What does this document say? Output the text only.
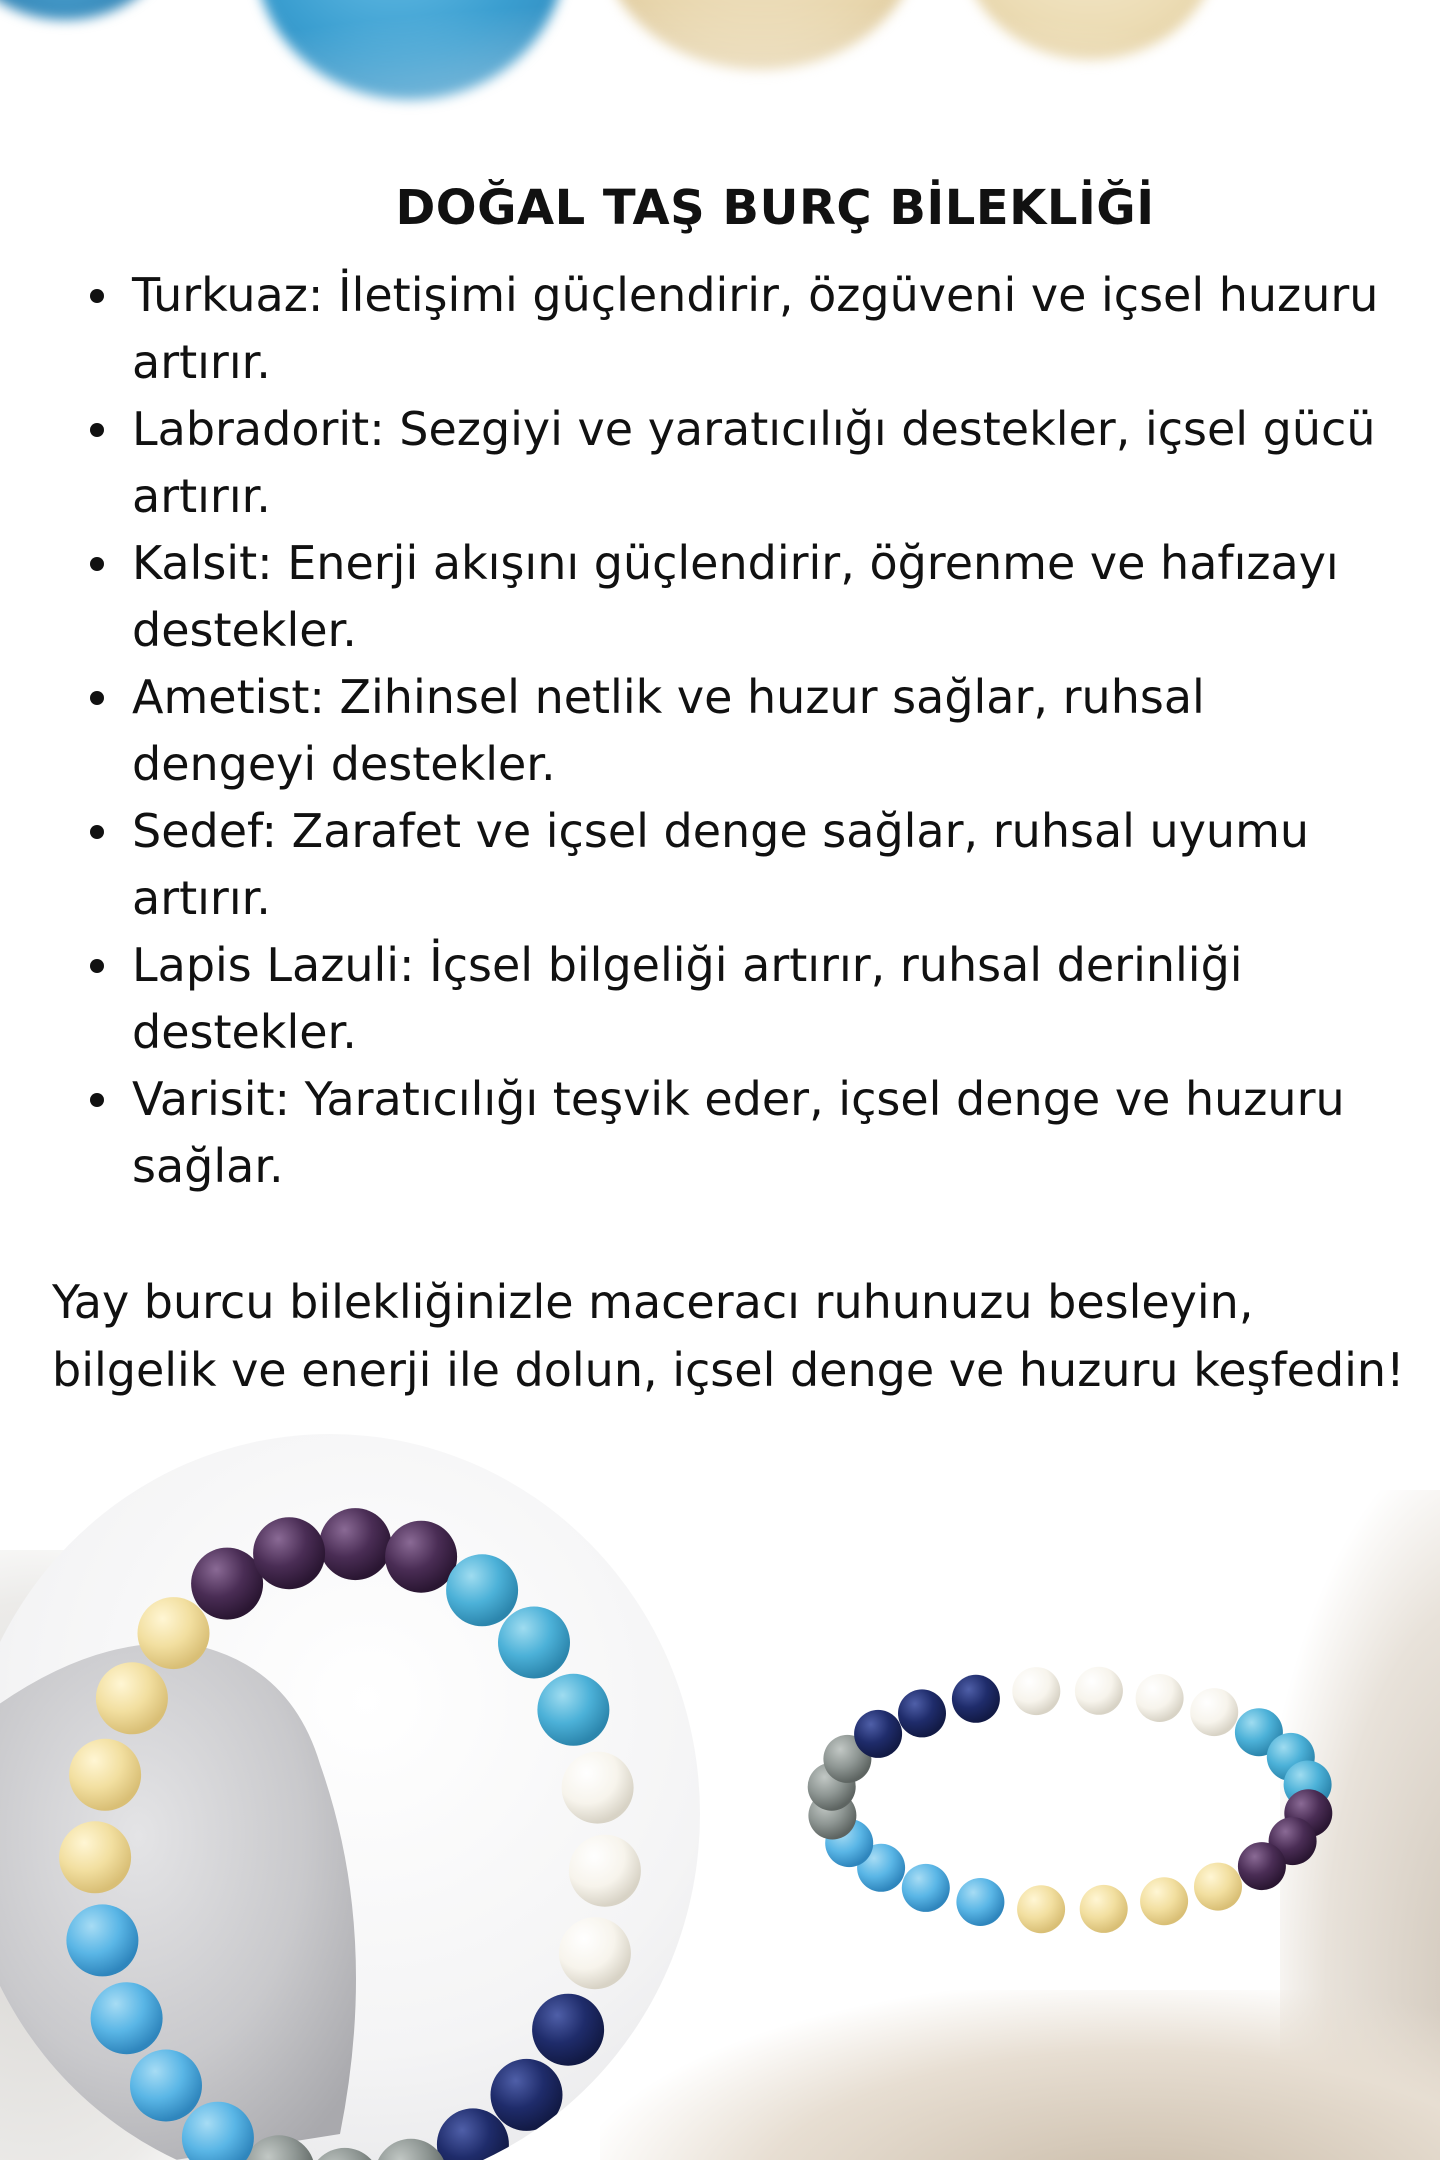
DOĞAL TAŞ BURÇ BİLEKLİĞİ
Turkuaz: İletişimi güçlendirir, özgüveni ve içsel huzuru artırır.
Labradorit: Sezgiyi ve yaratıcılığı destekler, içsel gücü artırır.
Kalsit: Enerji akışını güçlendirir, öğrenme ve hafızayı destekler.
Ametist: Zihinsel netlik ve huzur sağlar, ruhsal dengeyi destekler.
Sedef: Zarafet ve içsel denge sağlar, ruhsal uyumu artırır.
Lapis Lazuli: İçsel bilgeliği artırır, ruhsal derinliği destekler.
Varisit: Yaratıcılığı teşvik eder, içsel denge ve huzuru sağlar.
Yay burcu bilekliğinizle maceracı ruhunuzu besleyin,
bilgelik ve enerji ile dolun, içsel denge ve huzuru keşfedin!
